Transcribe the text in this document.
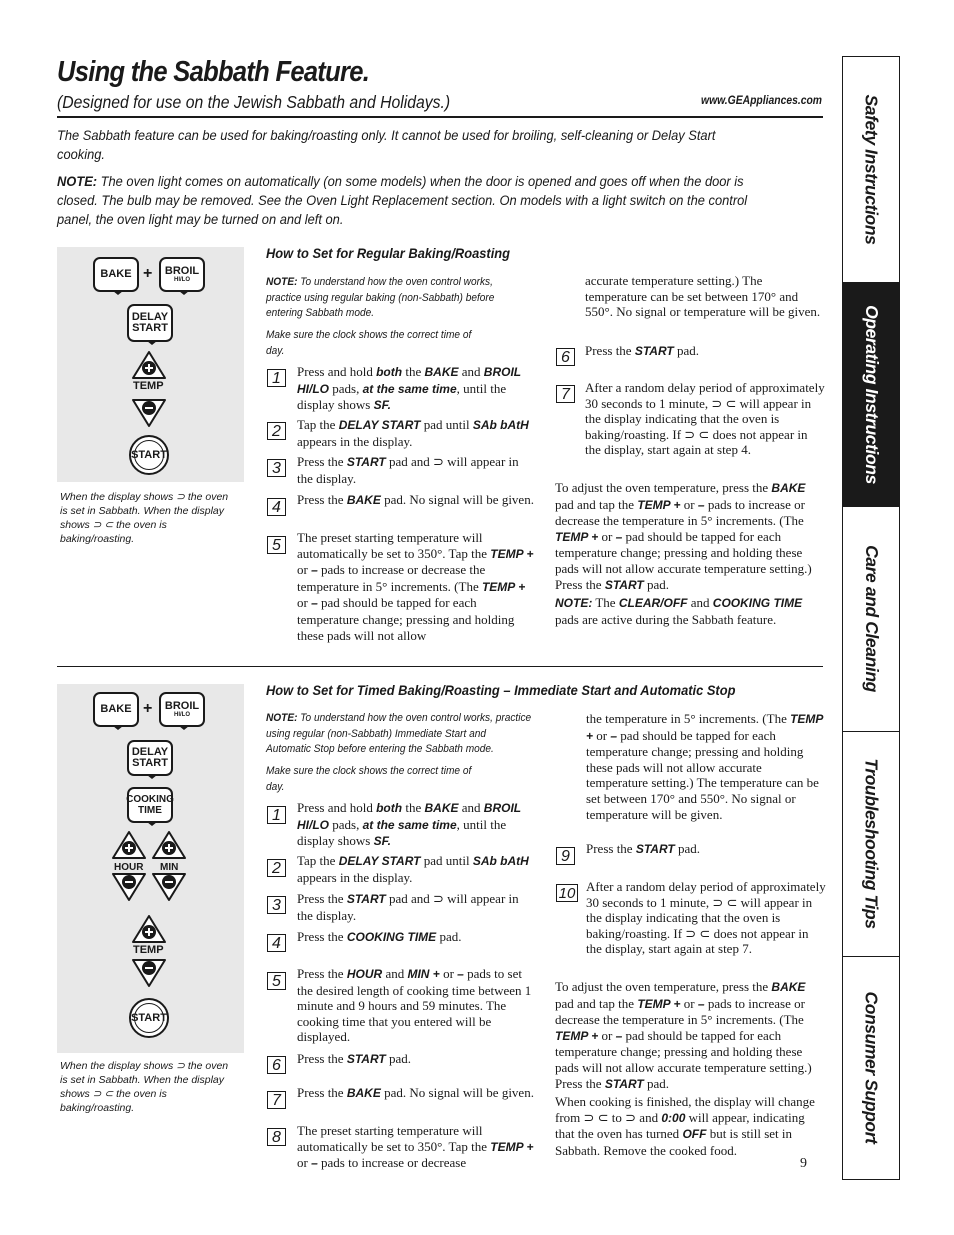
Using the Sabbath Feature.
(Designed for use on the Jewish Sabbath and Holidays.)	www.GEAppliances.com
The Sabbath feature can be used for baking/roasting only. It cannot be used for broiling, self-cleaning or Delay Start cooking.
NOTE: The oven light comes on automatically (on some models) when the door is opened and goes off when the door is closed. The bulb may be removed. See the Oven Light Replacement section. On models with a light switch on the control panel, the oven light may be turned on and left on.	Safety Instructions
Operating Instructions
Care and Cleaning
Troubleshooting Tips
Consumer Support
BAKE + BROIL
HI/LO
DELAY
START
TEMP
START
When the display shows ⊃ the oven is set in Sabbath. When the display shows ⊃ ⊂ the oven is baking/roasting.
How to Set for Regular Baking/Roasting
NOTE: To understand how the oven control works, practice using regular baking (non-Sabbath) before entering Sabbath mode.
Make sure the clock shows the correct time of day.
1	Press and hold both the BAKE and BROIL HI/LO pads, at the same time, until the display shows SF.
2	Tap the DELAY START pad until SAb bAtH appears in the display.
3	Press the START pad and ⊃ will appear in the display.
4	Press the BAKE pad. No signal will be given.
5	The preset starting temperature will automatically be set to 350°. Tap the TEMP + or – pads to increase or decrease the temperature in 5° increments. (The TEMP + or – pad should be tapped for each temperature change; pressing and holding these pads will not allow
accurate temperature setting.) The temperature can be set between 170° and 550°. No signal or temperature will be given.
6	Press the START pad.
7	After a random delay period of approximately 30 seconds to 1 minute, ⊃ ⊂ will appear in the display indicating that the oven is baking/roasting. If ⊃ ⊂ does not appear in the display, start again at step 4.
To adjust the oven temperature, press the BAKE pad and tap the TEMP + or – pads to increase or decrease the temperature in 5° increments. (The TEMP + or – pad should be tapped for each temperature change; pressing and holding these pads will not allow accurate temperature setting.) Press the START pad.
NOTE: The CLEAR/OFF and COOKING TIME pads are active during the Sabbath feature.
BAKE + BROIL
HI/LO
DELAY
START
COOKING
TIME
HOUR MIN
TEMP
START
When the display shows ⊃ the oven is set in Sabbath. When the display shows ⊃ ⊂ the oven is baking/roasting.
How to Set for Timed Baking/Roasting – Immediate Start and Automatic Stop
NOTE: To understand how the oven control works, practice using regular (non-Sabbath) Immediate Start and Automatic Stop before entering the Sabbath mode.
Make sure the clock shows the correct time of day.
1	Press and hold both the BAKE and BROIL HI/LO pads, at the same time, until the display shows SF.
2	Tap the DELAY START pad until SAb bAtH appears in the display.
3	Press the START pad and ⊃ will appear in the display.
4	Press the COOKING TIME pad.
5	Press the HOUR and MIN + or – pads to set the desired length of cooking time between 1 minute and 9 hours and 59 minutes. The cooking time that you entered will be displayed.
6	Press the START pad.
7	Press the BAKE pad. No signal will be given.
8	The preset starting temperature will automatically be set to 350°. Tap the TEMP + or – pads to increase or decrease
the temperature in 5° increments. (The TEMP + or – pad should be tapped for each temperature change; pressing and holding these pads will not allow accurate temperature setting.) The temperature can be set between 170° and 550°. No signal or temperature will be given.
9	Press the START pad.
10 After a random delay period of approximately 30 seconds to 1 minute, ⊃ ⊂ will appear in the display indicating that the oven is baking/roasting. If ⊃ ⊂ does not appear in the display, start again at step 7.
To adjust the oven temperature, press the BAKE pad and tap the TEMP + or – pads to increase or decrease the temperature in 5° increments. (The TEMP + or – pad should be tapped for each temperature change; pressing and holding these pads will not allow accurate temperature setting.) Press the START pad.
When cooking is finished, the display will change from ⊃ ⊂ to ⊃ and 0:00 will appear, indicating that the oven has turned OFF but is still set in Sabbath. Remove the cooked food.
9
